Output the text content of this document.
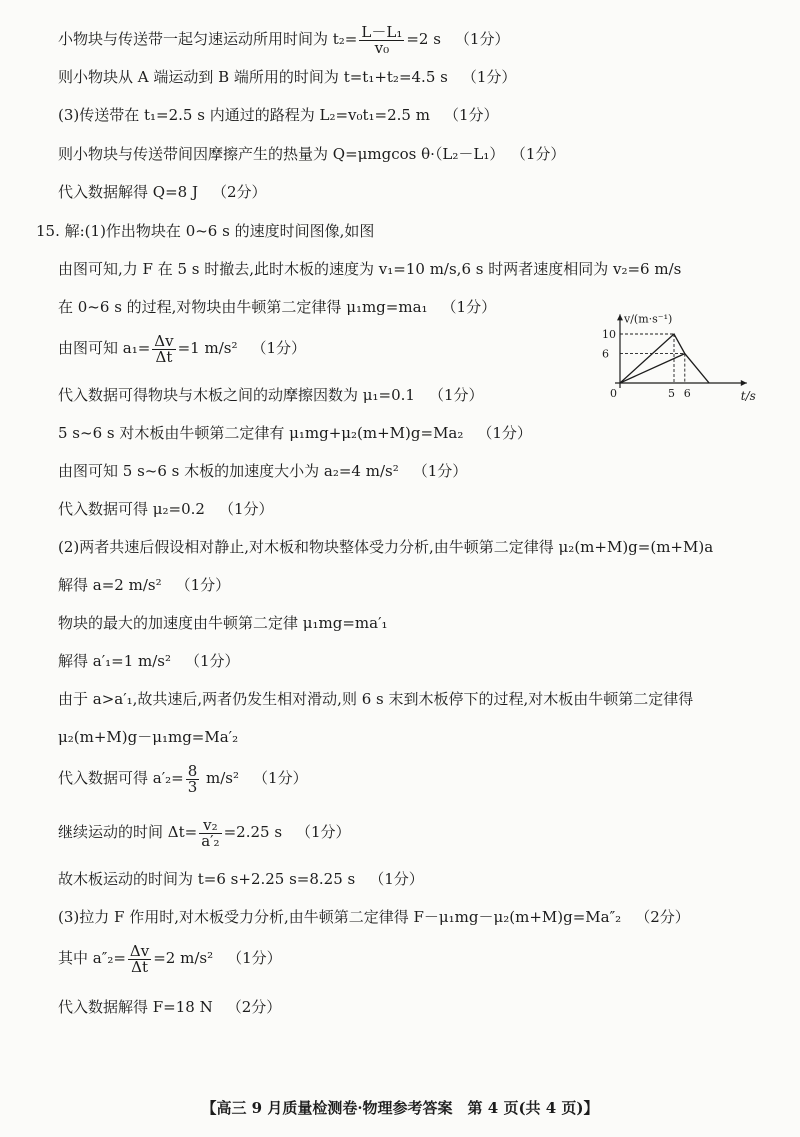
小物块与传送带一起匀速运动所用时间为 $t_2= \frac{\text{L－L₁}}{\text{v₀}} =2$ s （1分）
则小物块从 A 端运动到 B 端所用的时间为 t=t₁+t₂=4.5 s （1分）
(3)传送带在 t₁=2.5 s 内通过的路程为 L₂=v₀t₁=2.5 m （1分）
则小物块与传送带间因摩擦产生的热量为 Q=μmgcos θ·（L₂－L₁） （1分）
代入数据解得 Q=8 J （2分）
15. 解:(1)作出物块在 0~6 s 的速度时间图像,如图
由图可知,力 F 在 5 s 时撤去,此时木板的速度为 v₁=10 m/s,6 s 时两者速度相同为 v₂=6 m/s
在 0~6 s 的过程,对物块由牛顿第二定律得 μ₁mg=ma₁ （1分）
由图可知 $a_1= \frac{\Delta v}{\Delta t} =1$ m/s² （1分）
代入数据可得物块与木板之间的动摩擦因数为 μ₁=0.1 （1分）
5 s~6 s 对木板由牛顿第二定律有 μ₁mg+μ₂(m+M)g=Ma₂ （1分）
由图可知 5 s~6 s 木板的加速度大小为 a₂=4 m/s² （1分）
代入数据可得 μ₂=0.2 （1分）
(2)两者共速后假设相对静止,对木板和物块整体受力分析,由牛顿第二定律得 μ₂(m+M)g=(m+M)a
解得 a=2 m/s² （1分）
物块的最大的加速度由牛顿第二定律 μ₁mg=ma′₁
解得 a′₁=1 m/s² （1分）
由于 a>a′₁,故共速后,两者仍发生相对滑动,则 6 s 末到木板停下的过程,对木板由牛顿第二定律得
μ₂(m+M)g－μ₁mg=Ma′₂
代入数据可得 $a'_2= \frac{8}{3} m/s^2$ （1分）
继续运动的时间 $\Delta t= \frac{\text{v₂}}{\text{a′₂}} =2.25$ s （1分）
故木板运动的时间为 t=6 s+2.25 s=8.25 s （1分）
(3)拉力 F 作用时,对木板受力分析,由牛顿第二定律得 F－μ₁mg－μ₂(m+M)g=Ma″₂ （2分）
其中 $a''_2= \frac{\Delta v}{\Delta t} =2$ m/s² （1分）
代入数据解得 F=18 N （2分）
v/(m·s⁻¹)
t/s
0
10
6
5 6
【高三 9 月质量检测卷·物理参考答案　第 4 页(共 4 页)】
